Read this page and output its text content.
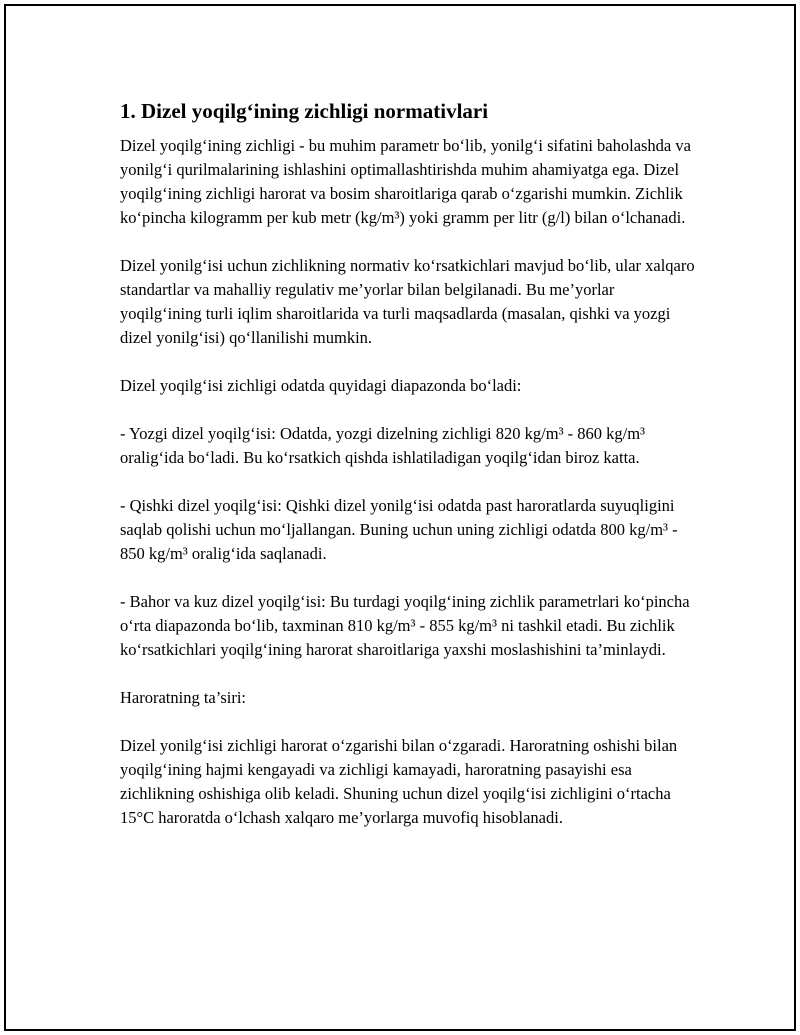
1. Dizel yoqilg‘ining zichligi normativlari

Dizel yoqilg‘ining zichligi - bu muhim parametr bo‘lib, yonilg‘i sifatini baholashda va yonilg‘i qurilmalarining ishlashini optimallashtirishda muhim ahamiyatga ega. Dizel yoqilg‘ining zichligi harorat va bosim sharoitlariga qarab o‘zgarishi mumkin. Zichlik ko‘pincha kilogramm per kub metr (kg/m³) yoki gramm per litr (g/l) bilan o‘lchanadi.

Dizel yonilg‘isi uchun zichlikning normativ ko‘rsatkichlari mavjud bo‘lib, ular xalqaro standartlar va mahalliy regulativ me’yorlar bilan belgilanadi. Bu me’yorlar yoqilg‘ining turli iqlim sharoitlarida va turli maqsadlarda (masalan, qishki va yozgi dizel yonilg‘isi) qo‘llanilishi mumkin.

Dizel yoqilg‘isi zichligi odatda quyidagi diapazonda bo‘ladi:

- Yozgi dizel yoqilg‘isi: Odatda, yozgi dizelning zichligi 820 kg/m³ - 860 kg/m³ oralig‘ida bo‘ladi. Bu ko‘rsatkich qishda ishlatiladigan yoqilg‘idan biroz katta.

- Qishki dizel yoqilg‘isi: Qishki dizel yonilg‘isi odatda past haroratlarda suyuqligini saqlab qolishi uchun mo‘ljallangan. Buning uchun uning zichligi odatda 800 kg/m³ - 850 kg/m³ oralig‘ida saqlanadi.

- Bahor va kuz dizel yoqilg‘isi: Bu turdagi yoqilg‘ining zichlik parametrlari ko‘pincha o‘rta diapazonda bo‘lib, taxminan 810 kg/m³ - 855 kg/m³ ni tashkil etadi. Bu zichlik ko‘rsatkichlari yoqilg‘ining harorat sharoitlariga yaxshi moslashishini ta’minlaydi.

Haroratning ta’siri:

Dizel yonilg‘isi zichligi harorat o‘zgarishi bilan o‘zgaradi. Haroratning oshishi bilan yoqilg‘ining hajmi kengayadi va zichligi kamayadi, haroratning pasayishi esa zichlikning oshishiga olib keladi. Shuning uchun dizel yoqilg‘isi zichligini o‘rtacha 15°C haroratda o‘lchash xalqaro me’yorlarga muvofiq hisoblanadi.
